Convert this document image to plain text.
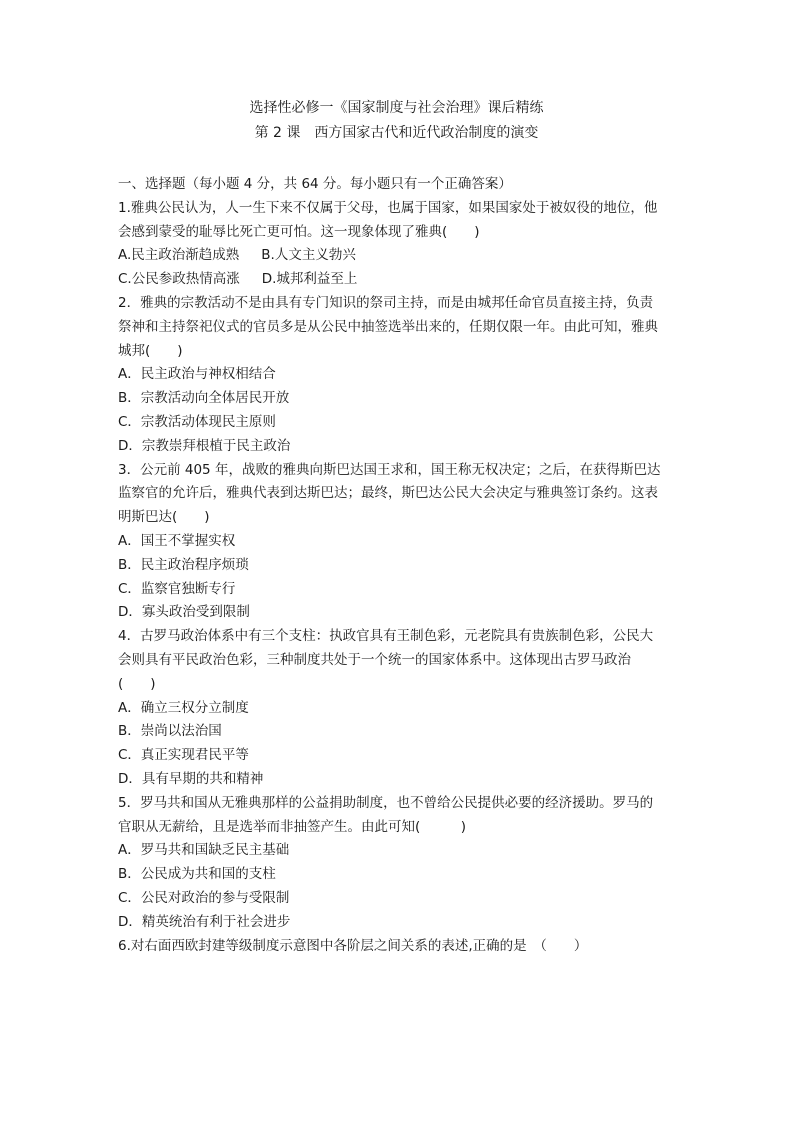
选择性必修一《国家制度与社会治理》课后精练
第 2 课　西方国家古代和近代政治制度的演变
一、选择题（每小题 4 分，共 64 分。每小题只有一个正确答案）
1.雅典公民认为，人一生下来不仅属于父母，也属于国家，如果国家处于被奴役的地位，他
会感到蒙受的耻辱比死亡更可怕。这一现象体现了雅典(　　)
A.民主政治渐趋成熟 B.人文主义勃兴
C.公民参政热情高涨 D.城邦利益至上
2．雅典的宗教活动不是由具有专门知识的祭司主持，而是由城邦任命官员直接主持，负责
祭神和主持祭祀仪式的官员多是从公民中抽签选举出来的，任期仅限一年。由此可知，雅典
城邦(　　)
A．民主政治与神权相结合
B．宗教活动向全体居民开放
C．宗教活动体现民主原则
D．宗教崇拜根植于民主政治
3．公元前 405 年，战败的雅典向斯巴达国王求和，国王称无权决定；之后，在获得斯巴达
监察官的允许后，雅典代表到达斯巴达；最终，斯巴达公民大会决定与雅典签订条约。这表
明斯巴达(　　)
A．国王不掌握实权
B．民主政治程序烦琐
C．监察官独断专行
D．寡头政治受到限制
4．古罗马政治体系中有三个支柱：执政官具有王制色彩，元老院具有贵族制色彩，公民大
会则具有平民政治色彩，三种制度共处于一个统一的国家体系中。这体现出古罗马政治
(　　)
A．确立三权分立制度
B．崇尚以法治国
C．真正实现君民平等
D．具有早期的共和精神
5．罗马共和国从无雅典那样的公益捐助制度，也不曾给公民提供必要的经济援助。罗马的
官职从无薪给，且是选举而非抽签产生。由此可知(　　　)
A．罗马共和国缺乏民主基础
B．公民成为共和国的支柱
C．公民对政治的参与受限制
D．精英统治有利于社会进步
6.对右面西欧封建等级制度示意图中各阶层之间关系的表述,正确的是　（　　）
